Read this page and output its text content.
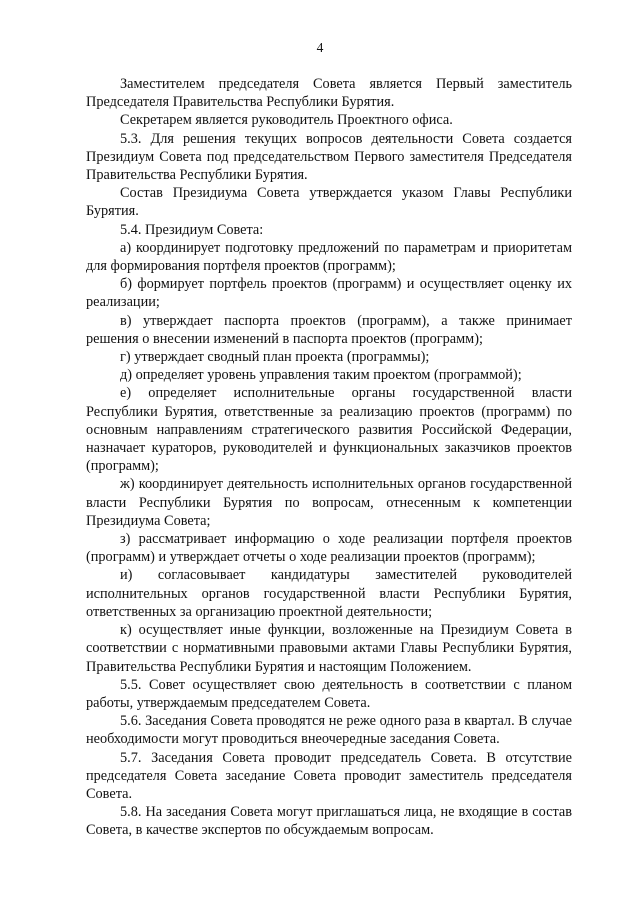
4

Заместителем председателя Совета является Первый заместитель Председателя Правительства Республики Бурятия.

Секретарем является руководитель Проектного офиса.

5.3. Для решения текущих вопросов деятельности Совета создается Президиум Совета под председательством Первого заместителя Председателя Правительства Республики Бурятия.

Состав Президиума Совета утверждается указом Главы Республики Бурятия.

5.4. Президиум Совета:

а) координирует подготовку предложений по параметрам и приоритетам для формирования портфеля проектов (программ);

б) формирует портфель проектов (программ) и осуществляет оценку их реализации;

в) утверждает паспорта проектов (программ), а также принимает решения о внесении изменений в паспорта проектов (программ);

г) утверждает сводный план проекта (программы);

д) определяет уровень управления таким проектом (программой);

е) определяет исполнительные органы государственной власти Республики Бурятия, ответственные за реализацию проектов (программ) по основным направлениям стратегического развития Российской Федерации, назначает кураторов, руководителей и функциональных заказчиков проектов (программ);

ж) координирует деятельность исполнительных органов государственной власти Республики Бурятия по вопросам, отнесенным к компетенции Президиума Совета;

з) рассматривает информацию о ходе реализации портфеля проектов (программ) и утверждает отчеты о ходе реализации проектов (программ);

и) согласовывает кандидатуры заместителей руководителей исполнительных органов государственной власти Республики Бурятия, ответственных за организацию проектной деятельности;

к) осуществляет иные функции, возложенные на Президиум Совета в соответствии с нормативными правовыми актами Главы Республики Бурятия, Правительства Республики Бурятия и настоящим Положением.

5.5. Совет осуществляет свою деятельность в соответствии с планом работы, утверждаемым председателем Совета.

5.6. Заседания Совета проводятся не реже одного раза в квартал. В случае необходимости могут проводиться внеочередные заседания Совета.

5.7. Заседания Совета проводит председатель Совета. В отсутствие председателя Совета заседание Совета проводит заместитель председателя Совета.

5.8. На заседания Совета могут приглашаться лица, не входящие в состав Совета, в качестве экспертов по обсуждаемым вопросам.
